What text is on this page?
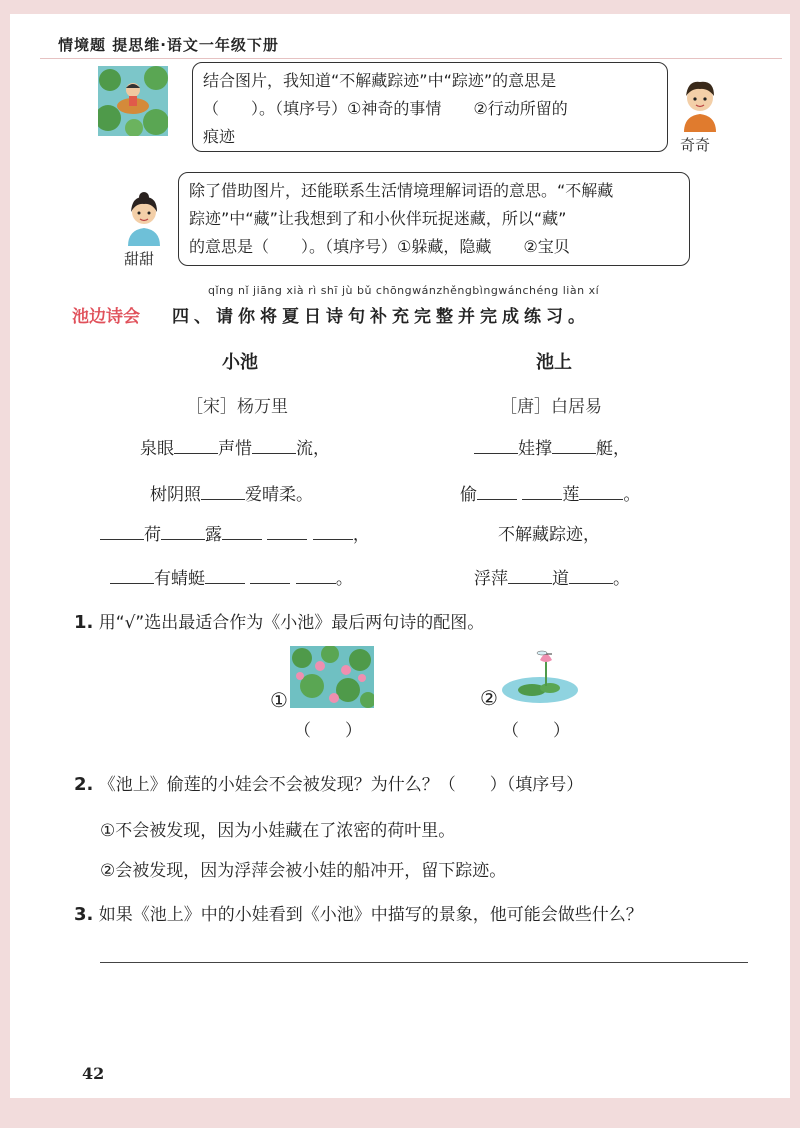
情境题 提思维·语文一年级下册
结合图片，我知道“不解藏踪迹”中“踪迹”的意思是
（　　）。（填序号）①神奇的事情　　②行动所留的
痕迹	奇奇
甜甜
除了借助图片，还能联系生活情境理解词语的意思。“不解藏
踪迹”中“藏”让我想到了和小伙伴玩捉迷藏，所以“藏”
的意思是（　　）。（填序号）①躲藏，隐藏　　②宝贝
池边诗会
qǐng nǐ jiāng xià rì shī jù bǔ chōngwánzhěngbìngwánchéng liàn xí
四、请你将夏日诗句补充完整并完成练习。
小池
［宋］杨万里
泉眼	声惜	流，
树阴照	爱晴柔。
荷	露	，
有蜻蜓	。
池上
［唐］白居易
娃撑	艇，
偷	莲	。
不解藏踪迹，
浮萍	道	。
1. 用“√”选出最适合作为《小池》最后两句诗的配图。
①
（　　）
②
（　　）
2. 《池上》偷莲的小娃会不会被发现？为什么？（　　）（填序号）
①不会被发现，因为小娃藏在了浓密的荷叶里。
②会被发现，因为浮萍会被小娃的船冲开，留下踪迹。
3. 如果《池上》中的小娃看到《小池》中描写的景象，他可能会做些什么？
42
